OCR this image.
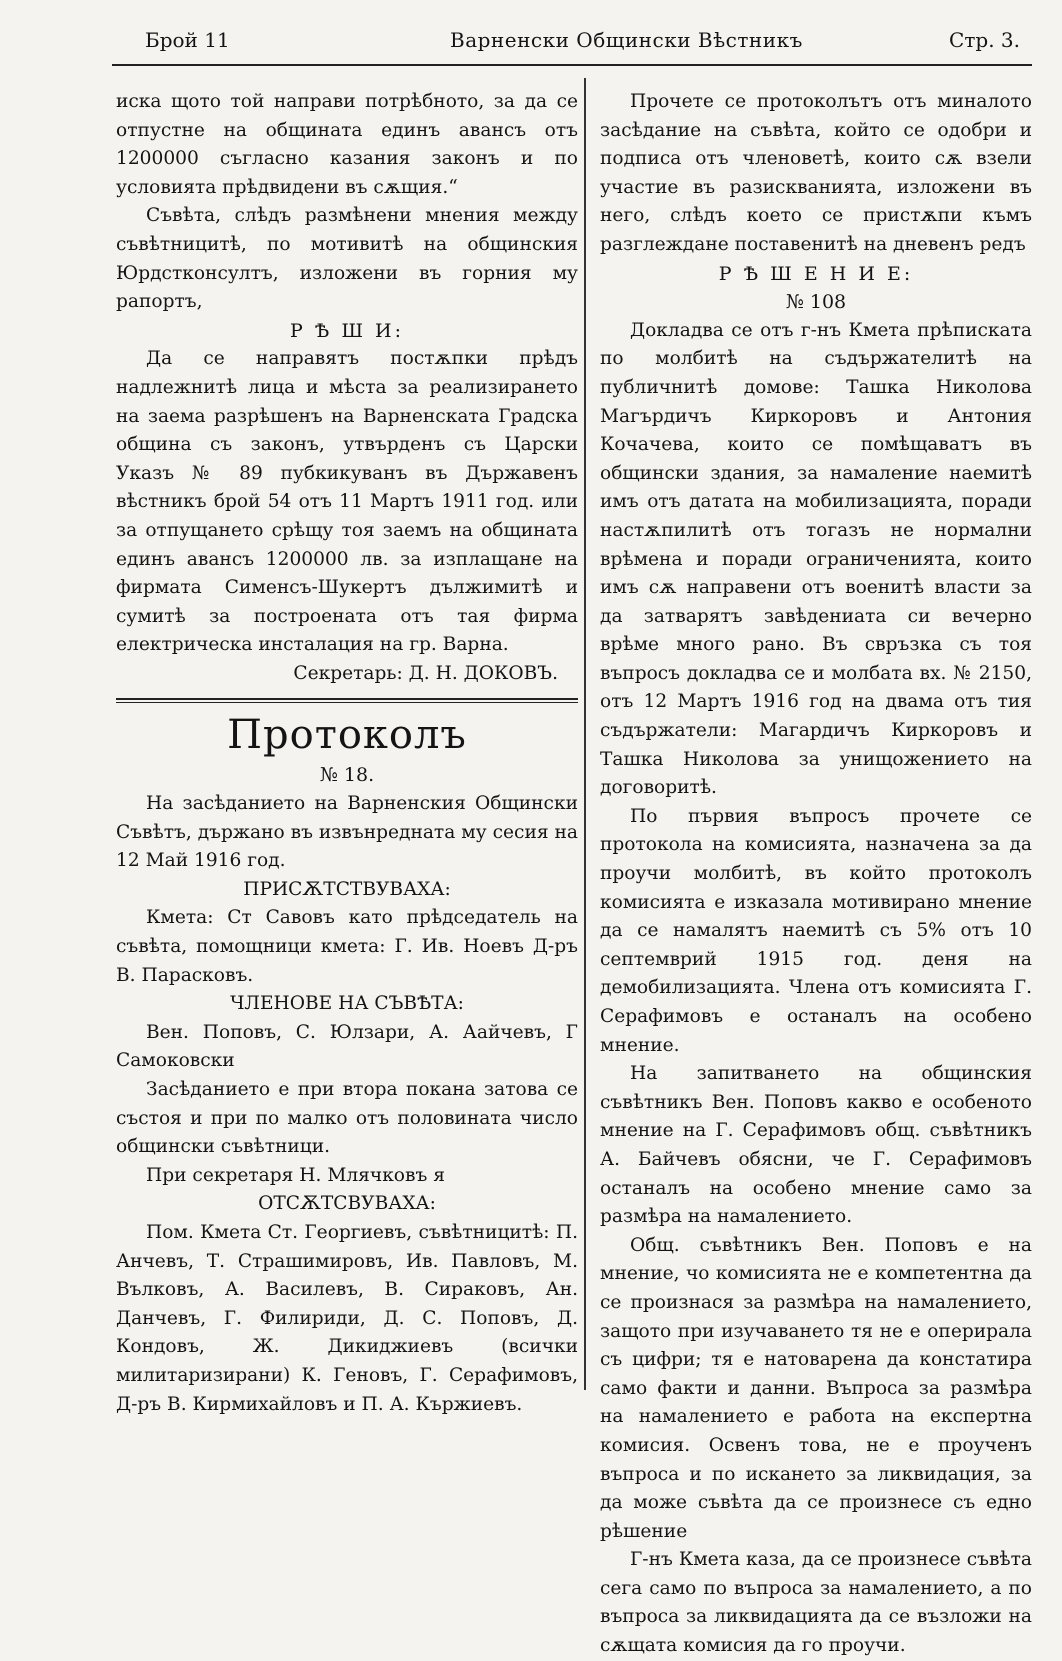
Брой 11	Варненски Общински Вѣстникъ	Стр. 3.

иска щото той направи потрѣбното, за да се отпустне на общината единъ авансъ отъ 1200000 съгласно казания законъ и по условията прѣдвидени въ сѫщия.“

Съвѣта, слѣдъ размѣнени мнения между съвѣтницитѣ, по мотивитѣ на общинския Юрдстконсултъ, изложени въ горния му рапортъ,

Р Ѣ Ш И:

Да се направятъ постѫпки прѣдъ надлежнитѣ лица и мѣста за реализирането на заема разрѣшенъ на Варненската Градска община съ законъ, утвърденъ съ Царски Указъ № 89 пубкикуванъ въ Държавенъ вѣстникъ брой 54 отъ 11 Мартъ 1911 год. или за отпущането срѣщу тоя заемъ на общината единъ авансъ 1200000 лв. за изплащане на фирмата Сименсъ-Шукертъ дължимитѣ и сумитѣ за построената отъ тая фирма електрическа инсталация на гр. Варна.

Секретарь: Д. Н. ДОКОВЪ.

Протоколъ

№ 18.

На засѣданието на Варненския Общински Съвѣтъ, държано въ извънредната му сесия на 12 Май 1916 год.

ПРИСѪТСТВУВАХА:

Кмета: Ст Савовъ като прѣдседатель на съвѣта, помощници кмета: Г. Ив. Ноевъ Д-ръ В. Парасковъ.

ЧЛЕНОВЕ НА СЪВѢТА:

Вен. Поповъ, С. Юлзари, А. Аайчевъ, Г Самоковски

Засѣданието е при втора покана затова се състоя и при по малко отъ половината число общински съвѣтници.

При секретаря Н. Млячковъ я

ОТСѪТСВУВАХА:

Пом. Кмета Ст. Георгиевъ, съвѣтницитѣ: П. Анчевъ, Т. Страшимировъ, Ив. Павловъ, М. Вълковъ, А. Василевъ, В. Сираковъ, Ан. Данчевъ, Г. Филириди, Д. С. Поповъ, Д. Кондовъ, Ж. Дикиджиевъ (всички милитаризирани) К. Геновъ, Г. Серафимовъ, Д-ръ В. Кирмихайловъ и П. А. Кържиевъ.

Прочете се протоколътъ отъ миналото засѣдание на съвѣта, който се одобри и подписа отъ членоветѣ, които сѫ взели участие въ разискванията, изложени въ него, слѣдъ което се пристѫпи къмъ разглеждане поставенитѣ на дневенъ редъ

Р Ѣ Ш Е Н И Е:

№ 108

Докладва се отъ г-нъ Кмета прѣписката по молбитѣ на съдържателитѣ на публичнитѣ домове: Ташка Николова Магърдичъ Киркоровъ и Антония Кочачева, които се помѣщаватъ въ общински здания, за намаление наемитѣ имъ отъ датата на мобилизацията, поради настѫпилитѣ отъ тогазъ не нормални врѣмена и поради ограниченията, които имъ сѫ направени отъ военитѣ власти за да затварятъ завѣдениата си вечерно врѣме много рано. Въ свръзка съ тоя въпросъ докладва се и молбата вх. № 2150, отъ 12 Мартъ 1916 год на двама отъ тия съдържатели: Магардичъ Киркоровъ и Ташка Николова за унищожението на договоритѣ.

По първия въпросъ прочете се протокола на комисията, назначена за да проучи молбитѣ, въ който протоколъ комисията е изказала мотивирано мнение да се намалятъ наемитѣ съ 5% отъ 10 септемврий 1915 год. деня на демобилизацията. Члена отъ комисията Г. Серафимовъ е останалъ на особено мнение.

На запитването на общинския съвѣтникъ Вен. Поповъ какво е особеното мнение на Г. Серафимовъ общ. съвѣтникъ А. Байчевъ обясни, че Г. Серафимовъ останалъ на особено мнение само за размѣра на намалението.

Общ. съвѣтникъ Вен. Поповъ е на мнение, чо комисията не е компетентна да се произнася за размѣра на намалението, защото при изучаването тя не е оперирала съ цифри; тя е натоварена да констатира само факти и данни. Въпроса за размѣра на намалението е работа на експертна комисия. Освенъ това, не е проученъ въпроса и по искането за ликвидация, за да може съвѣта да се произнесе съ едно рѣшение

Г-нъ Кмета каза, да се произнесе съвѣта сега само по въпроса за намалението, а по въпроса за ликвидацията да се възложи на сѫщата комисия да го проучи.
